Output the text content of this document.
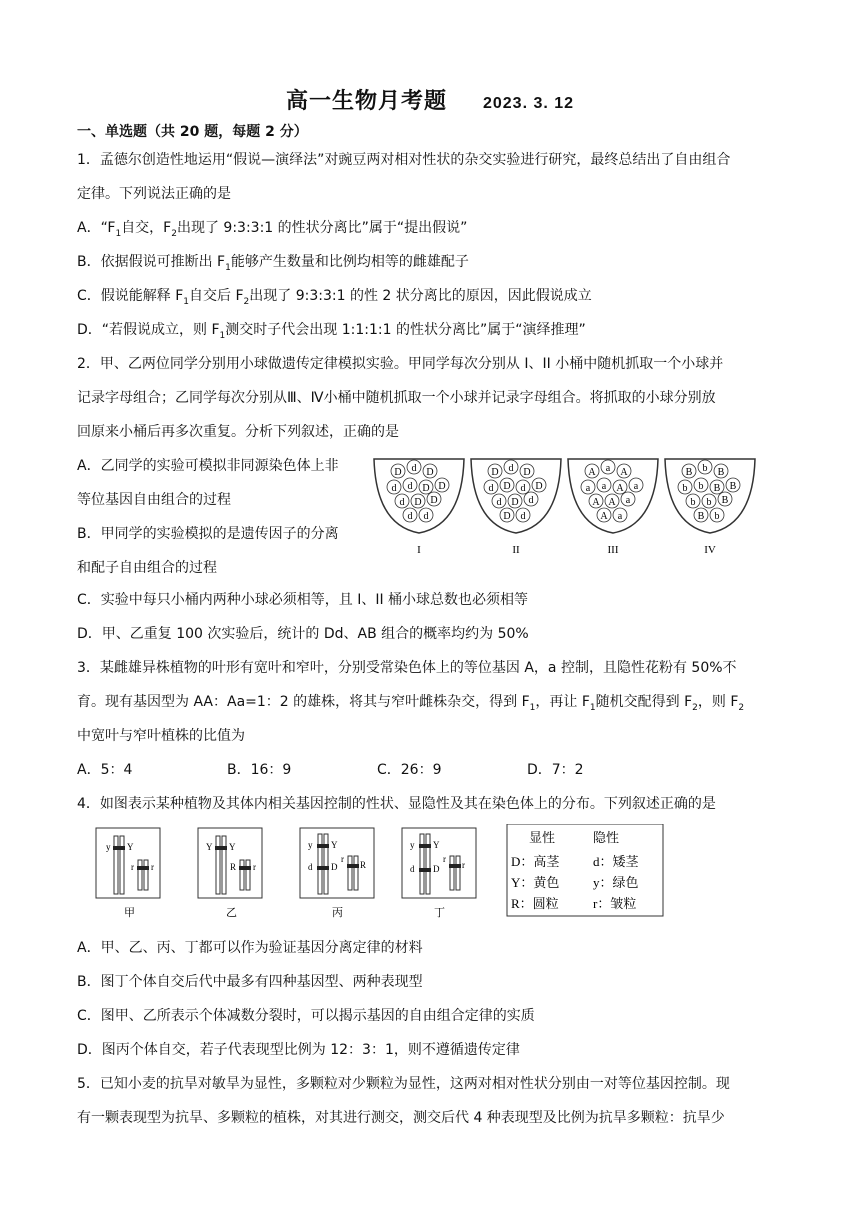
高一生物月考题 2023. 3. 12
一、单选题（共 20 题，每题 2 分）
1．孟德尔创造性地运用“假说—演绎法”对豌豆两对相对性状的杂交实验进行研究，最终总结出了自由组合
定律。下列说法正确的是
A．“$F_1$自交，$F_2$出现了 9:3:3:1 的性状分离比”属于“提出假说”
B．依据假说可推断出 $F_1$能够产生数量和比例均相等的雌雄配子
C．假说能解释 $F_1$自交后 $F_2$出现了 9:3:3:1 的性 2 状分离比的原因，因此假说成立
D．“若假说成立，则 $F_1$测交时子代会出现 1:1:1:1 的性状分离比”属于“演绎推理”
2．甲、乙两位同学分别用小球做遗传定律模拟实验。甲同学每次分别从 I、II 小桶中随机抓取一个小球并
记录字母组合；乙同学每次分别从Ⅲ、Ⅳ小桶中随机抓取一个小球并记录字母组合。将抓取的小球分别放
回原来小桶后再多次重复。分析下列叙述，正确的是
A．乙同学的实验可模拟非同源染色体上非
等位基因自由组合的过程
B．甲同学的实验模拟的是遗传因子的分离
和配子自由组合的过程
D d D
d d D D
d D D
d d
I
D d D
d D d D
d D d
D d
II
A a A
a a A a
A A a
A a
III
B b B
b b B B
b b B
B b
IV
C．实验中每只小桶内两种小球必须相等，且 I、II 桶小球总数也必须相等
D．甲、乙重复 100 次实验后，统计的 Dd、AB 组合的概率均约为 50%
3．某雌雄异株植物的叶形有宽叶和窄叶，分别受常染色体上的等位基因 A，a 控制，且隐性花粉有 50%不
育。现有基因型为 AA：Aa=1：2 的雄株，将其与窄叶雌株杂交，得到 $F_1$，再让 $F_1$随机交配得到 $F_2$，则 $F_2$
中宽叶与窄叶植株的比值为
A．5：4	B．16：9	C．26：9	D．7：2
4．如图表示某种植物及其体内相关基因控制的性状、显隐性及其在染色体上的分布。下列叙述正确的是
y Y
r r
甲
Y Y
R r
乙
y Y
d D
r
R
丙
y Y
d D
r
r
丁
显性	隐性
D：高茎	d：矮茎
Y：黄色	y：绿色
R：圆粒	r：皱粒
A．甲、乙、丙、丁都可以作为验证基因分离定律的材料
B．图丁个体自交后代中最多有四种基因型、两种表现型
C．图甲、乙所表示个体减数分裂时，可以揭示基因的自由组合定律的实质
D．图丙个体自交，若子代表现型比例为 12：3：1，则不遵循遗传定律
5．已知小麦的抗旱对敏旱为显性，多颗粒对少颗粒为显性，这两对相对性状分别由一对等位基因控制。现
有一颗表现型为抗旱、多颗粒的植株，对其进行测交，测交后代 4 种表现型及比例为抗旱多颗粒：抗旱少
